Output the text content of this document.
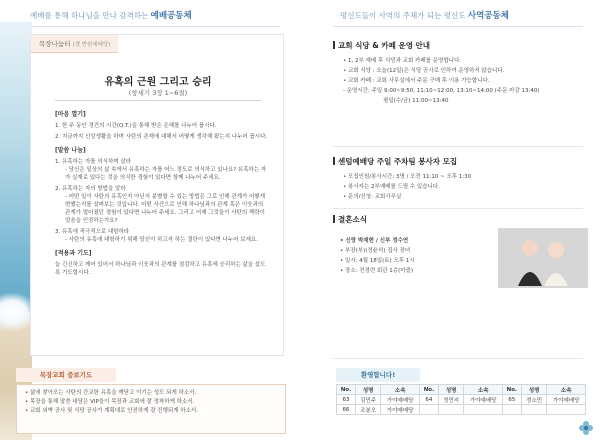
예배를 통해 하나님을 만나 감격하는 예배공동체	평신도들이 사역의 주체가 되는 평신도 사역공동체
목장나눔터 (셀 반원예배당)
유혹의 근원 그리고 승리
(창세기 3장 1~6절)
[마음 열기]
1. 한 주 동안 경건의 시간(Q.T.)을 통해 받은 은혜를 나누어 봅시다.
2. 지금까지 신앙생활을 하며 사탄의 존재에 대해서 어떻게 생각해 왔는지 나누어 봅시다.
[말씀 나눔]
1. 유혹하는 자를 의식하며 살라
- 당신은 일상의 삶 속에서 유혹하는 자를 어느 정도로 의식하고 있나요? 유혹하는 자가 실재로 있다는 것을 의식한 경험이 있다면 함께 나누어 주세요.
2. 유혹하는 자의 방법을 알라
- 어떤 일이 사탄의 유혹인지 아닌지 분별할 수 있는 방법은 그로 인해 관계가 어떻게 변했는지를 살펴보는 것입니다. 어떤 사건으로 인해 하나님과의 관계 혹은 이웃과의 관계가 멀어졌던 경험이 있다면 나누어 주세요. 그리고 어제 그것들이 사탄의 책략이었음을 인정하는가요?
3. 유혹에 적극적으로 대항하라
- 사탄의 유혹에 대항하기 위해 당신이 하고자 하는 결단이 있다면 나누어 보세요.
[적용과 기도]
늘 긴신하고 깨어 있어서 하나님과 이웃과의 관계를 점검하고 유혹에 승리하는 삶을 살도록 기도합시다.
목장교회 중보기도
• 삶에 찾아오는 사탄의 간교한 유혹을 깨닫고 이기는 성도 되게 하소서.
• 목장을 통해 말씀 내담은 VIP들이 목장과 교회에 잘 정착하게 하소서.
• 교회 외벽 공사 및 식당 공사가 계획대로 안전하게 잘 진행되게 하소서.
교회 식당 & 카페 운영 안내
• 1, 2부 예배 후 식당과 교회 카페를 운영합니다.
• 교회 식당 : 오늘(12일)은 식당 공사로 인하여 운영하지 않습니다.
• 교회 카페 : 교회 사무실에서 주문 구매 후 이용 가능합니다.
- 운영시간: 주일 9:00~9:50, 11:10~12:00, 13:10~14:00 (주문 마감 13:40)
평일(수/금) 11:00~13:40
센텀예배당 주일 주차팀 봉사자 모집
• 모집인원/봉사시간: 3명 / 오전 11:10 ~ 오후 1:30
• 봉사자는 2부예배를 드릴 수 있습니다.
• 문의/신청: 교회사무실
결혼소식
• 신랑 박재현 / 신부 정수연
• 부장(부)(정윤석) 집사 장녀
• 일시: 4월 18일(토) 오후 1시
• 장소: 전경련 회관 1층(마콜)
환영합니다!
No.	성명	소속	No.	성명	소속	No.	성명	소속
63	김민주	가야예배당	64	정민지	가야예배당	65	정소민	가야예배당
66	조봉오	가야예배당						
